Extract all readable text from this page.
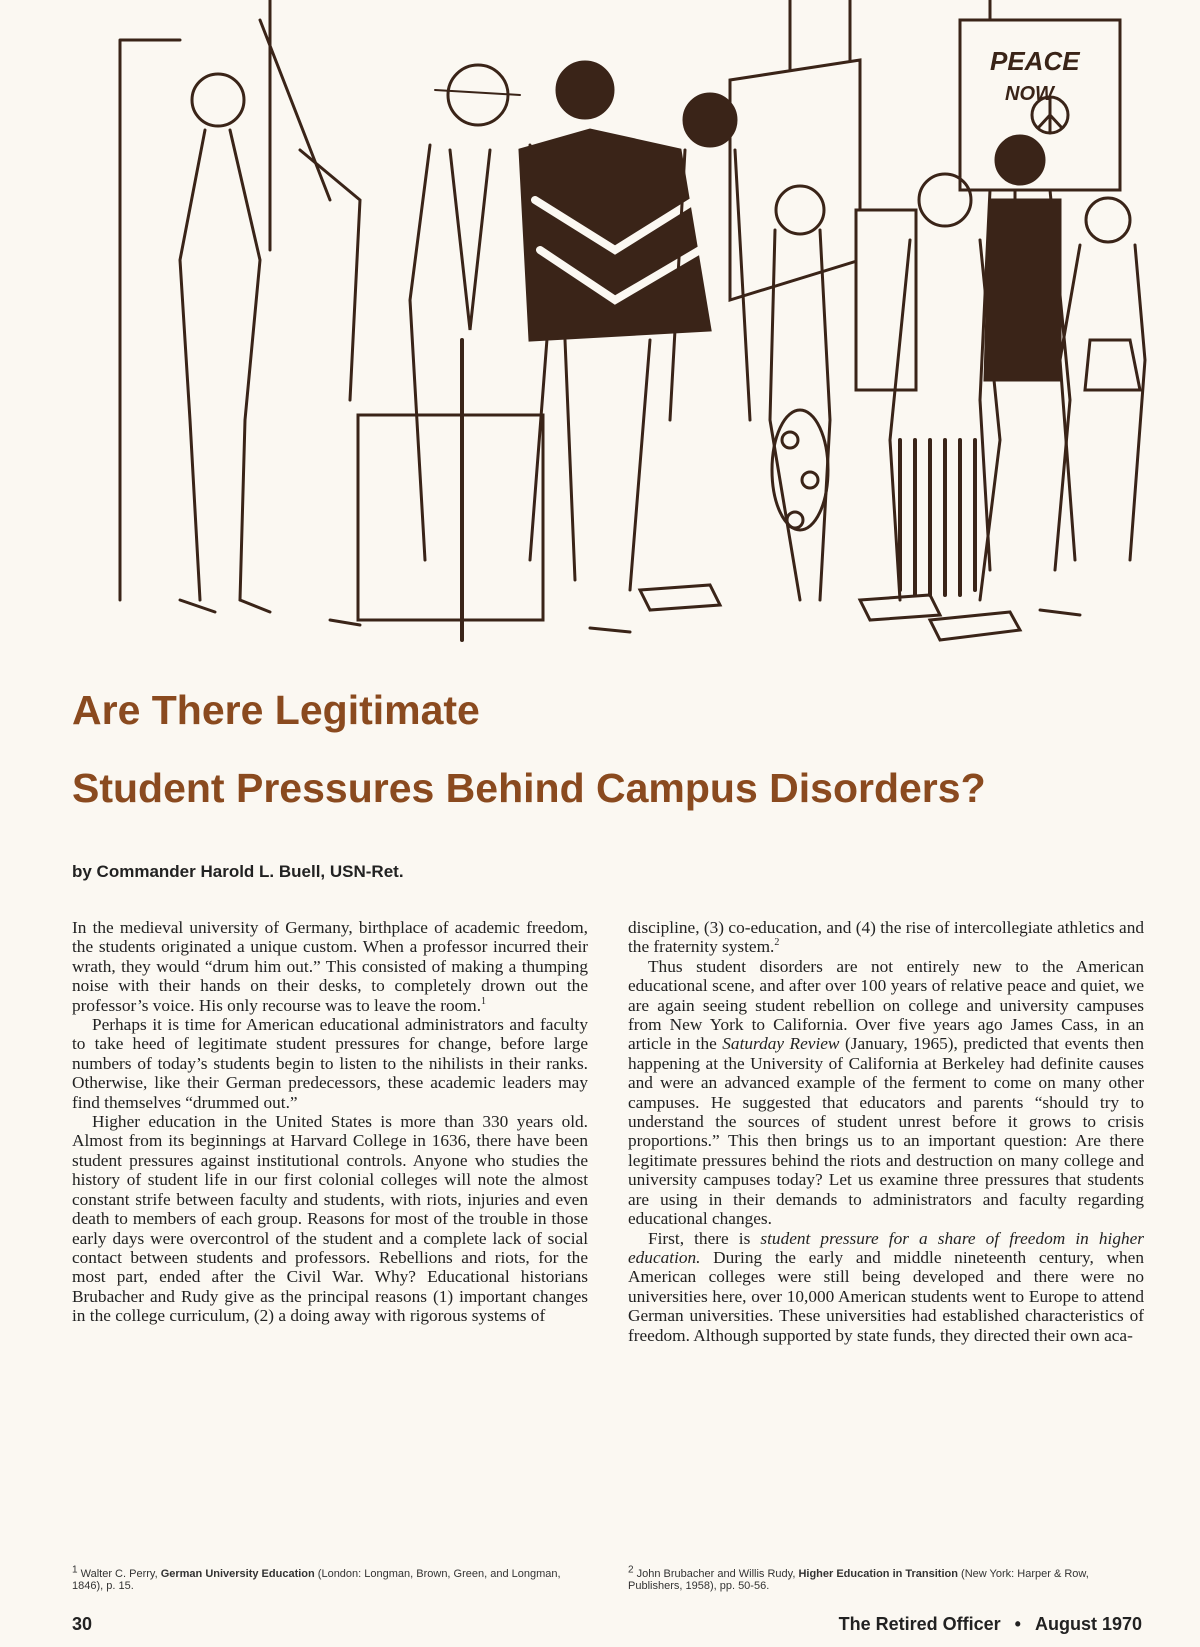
PEACE
NOW
Are There Legitimate
Student Pressures Behind Campus Disorders?
by Commander Harold L. Buell, USN-Ret.

In the medieval university of Germany, birthplace of academic freedom, the students originated a unique custom. When a professor incurred their wrath, they would “drum him out.” This consisted of making a thumping noise with their hands on their desks, to completely drown out the professor’s voice. His only recourse was to leave the room.$^1$

Perhaps it is time for American educational administrators and faculty to take heed of legitimate student pressures for change, before large numbers of today’s students begin to listen to the nihilists in their ranks. Otherwise, like their German predecessors, these academic leaders may find themselves “drummed out.”

Higher education in the United States is more than 330 years old. Almost from its beginnings at Harvard College in 1636, there have been student pressures against institutional controls. Anyone who studies the history of student life in our first colonial colleges will note the almost constant strife between faculty and students, with riots, injuries and even death to members of each group. Reasons for most of the trouble in those early days were overcontrol of the student and a complete lack of social contact between students and professors. Rebellions and riots, for the most part, ended after the Civil War. Why? Educational historians Brubacher and Rudy give as the principal reasons (1) important changes in the college curriculum, (2) a doing away with rigorous systems of

discipline, (3) co-education, and (4) the rise of intercollegiate athletics and the fraternity system.$^2$

Thus student disorders are not entirely new to the American educational scene, and after over 100 years of relative peace and quiet, we are again seeing student rebellion on college and university campuses from New York to California. Over five years ago James Cass, in an article in the Saturday Review (January, 1965), predicted that events then happening at the University of California at Berkeley had definite causes and were an advanced example of the ferment to come on many other campuses. He suggested that educators and parents “should try to understand the sources of student unrest before it grows to crisis proportions.” This then brings us to an important question: Are there legitimate pressures behind the riots and destruction on many college and university campuses today? Let us examine three pressures that students are using in their demands to administrators and faculty regarding educational changes.

First, there is student pressure for a share of freedom in higher education. During the early and middle nineteenth century, when American colleges were still being developed and there were no universities here, over 10,000 American students went to Europe to attend German universities. These universities had established characteristics of freedom. Although supported by state funds, they directed their own aca-

$^1$ Walter C. Perry, German University Education (London: Longman, Brown, Green, and Longman, 1846), p. 15.
$^2$ John Brubacher and Willis Rudy, Higher Education in Transition (New York: Harper & Row, Publishers, 1958), pp. 50-56.
30	The Retired Officer • August 1970
